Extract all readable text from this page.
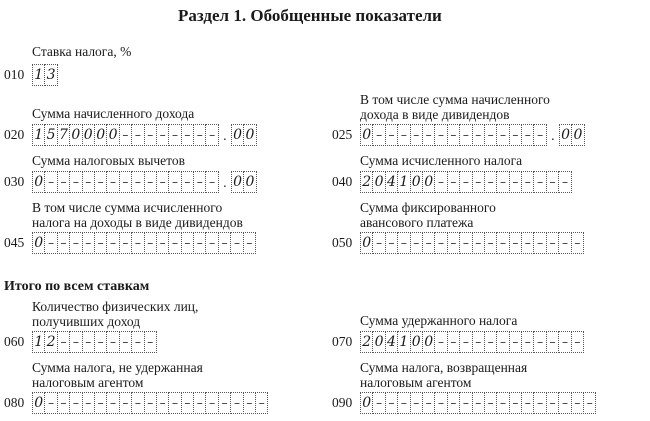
Раздел 1. Обобщенные показатели
Итого по всем ставкам
Ставка налога, %
010 1 3
Сумма начисленного дохода
020 1 5 7 0 0 0 0 – – – – – – – – . 0 0
В том числе сумма начисленного
дохода в виде дивидендов
025 0 – – – – – – – – – – – – – – . 0 0
Сумма налоговых вычетов
030 0 – – – – – – – – – – – – – – . 0 0
Сумма исчисленного налога
040 2 0 4 1 0 0 – – – – – – – – – – –
В том числе сумма исчисленного
налога на доходы в виде дивидендов
045 0 – – – – – – – – – – – – – – – – –
Сумма фиксированного
авансового платежа
050 0 – – – – – – – – – – – – – – – – –
Количество физических лиц,
получивших доход
060 1 2 – – – – – – – –
Сумма удержанного налога
070 2 0 4 1 0 0 – – – – – – – – – – – –
Сумма налога, не удержанная
налоговым агентом
080 0 – – – – – – – – – – – – – – – – – –
Сумма налога, возвращенная
налоговым агентом
090 0 – – – – – – – – – – – – – – – – – –
